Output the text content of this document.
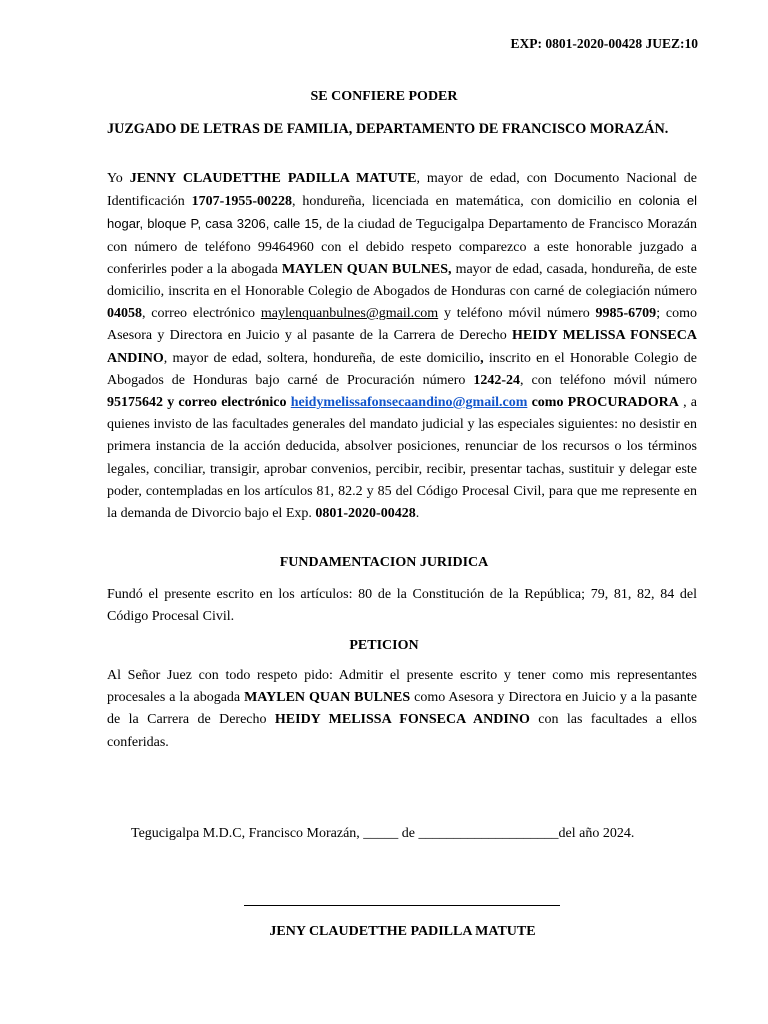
EXP: 0801-2020-00428 JUEZ:10
SE CONFIERE PODER
JUZGADO DE LETRAS DE FAMILIA, DEPARTAMENTO DE FRANCISCO MORAZÁN.
Yo JENNY CLAUDETTHE PADILLA MATUTE, mayor de edad, con Documento Nacional de Identificación 1707-1955-00228, hondureña, licenciada en matemática, con domicilio en colonia el hogar, bloque P, casa 3206, calle 15, de la ciudad de Tegucigalpa Departamento de Francisco Morazán con número de teléfono 99464960 con el debido respeto comparezco a este honorable juzgado a conferirles poder a la abogada MAYLEN QUAN BULNES, mayor de edad, casada, hondureña, de este domicilio, inscrita en el Honorable Colegio de Abogados de Honduras con carné de colegiación número 04058, correo electrónico maylenquanbulnes@gmail.com y teléfono móvil número 9985-6709; como Asesora y Directora en Juicio y al pasante de la Carrera de Derecho HEIDY MELISSA FONSECA ANDINO, mayor de edad, soltera, hondureña, de este domicilio, inscrito en el Honorable Colegio de Abogados de Honduras bajo carné de Procuración número 1242-24, con teléfono móvil número 95175642 y correo electrónico heidymelissafonsecaandino@gmail.com como PROCURADORA , a quienes invisto de las facultades generales del mandato judicial y las especiales siguientes: no desistir en primera instancia de la acción deducida, absolver posiciones, renunciar de los recursos o los términos legales, conciliar, transigir, aprobar convenios, percibir, recibir, presentar tachas, sustituir y delegar este poder, contempladas en los artículos 81, 82.2 y 85 del Código Procesal Civil, para que me represente en la demanda de Divorcio bajo el Exp. 0801-2020-00428.
FUNDAMENTACION JURIDICA
Fundó el presente escrito en los artículos: 80 de la Constitución de la República; 79, 81, 82, 84 del Código Procesal Civil.
PETICION
Al Señor Juez con todo respeto pido: Admitir el presente escrito y tener como mis representantes procesales a la abogada MAYLEN QUAN BULNES como Asesora y Directora en Juicio y a la pasante de la Carrera de Derecho HEIDY MELISSA FONSECA ANDINO con las facultades a ellos conferidas.
Tegucigalpa M.D.C, Francisco Morazán, _____ de ____________________del año 2024.
JENY CLAUDETTHE PADILLA MATUTE
